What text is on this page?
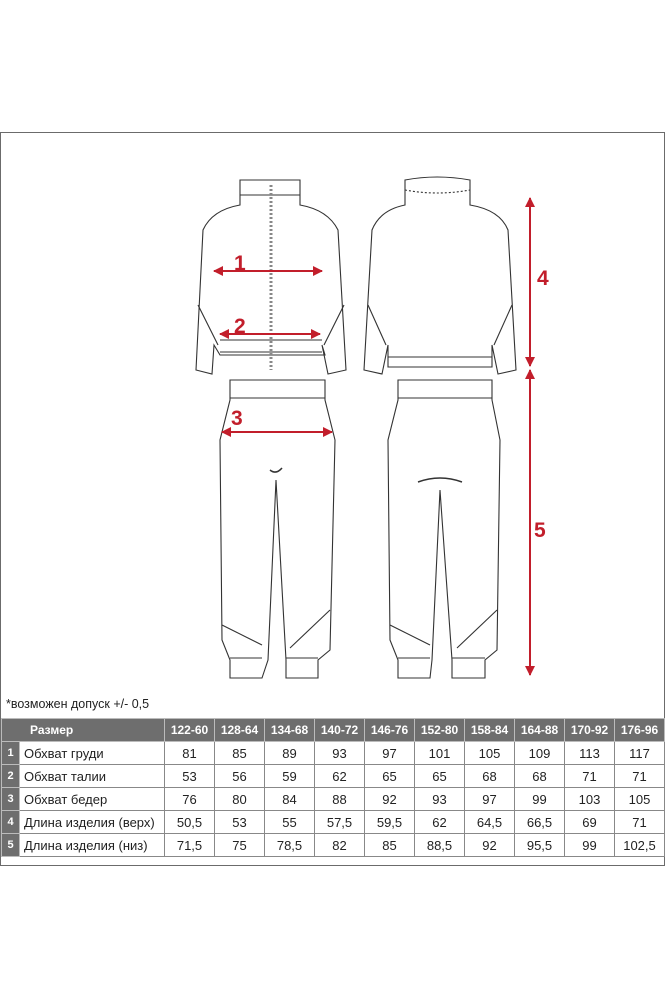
1
2
3
4
5
*возможен допуск +/- 0,5
Размер		122-60	128-64	134-68	140-72	146-76	152-80	158-84	164-88	170-92	176-96
1	Обхват груди	81	85	89	93	97	101	105	109	113	117
2	Обхват талии	53	56	59	62	65	65	68	68	71	71
3	Обхват бедер	76	80	84	88	92	93	97	99	103	105
4	Длина изделия (верх)	50,5	53	55	57,5	59,5	62	64,5	66,5	69	71
5	Длина изделия (низ)	71,5	75	78,5	82	85	88,5	92	95,5	99	102,5
